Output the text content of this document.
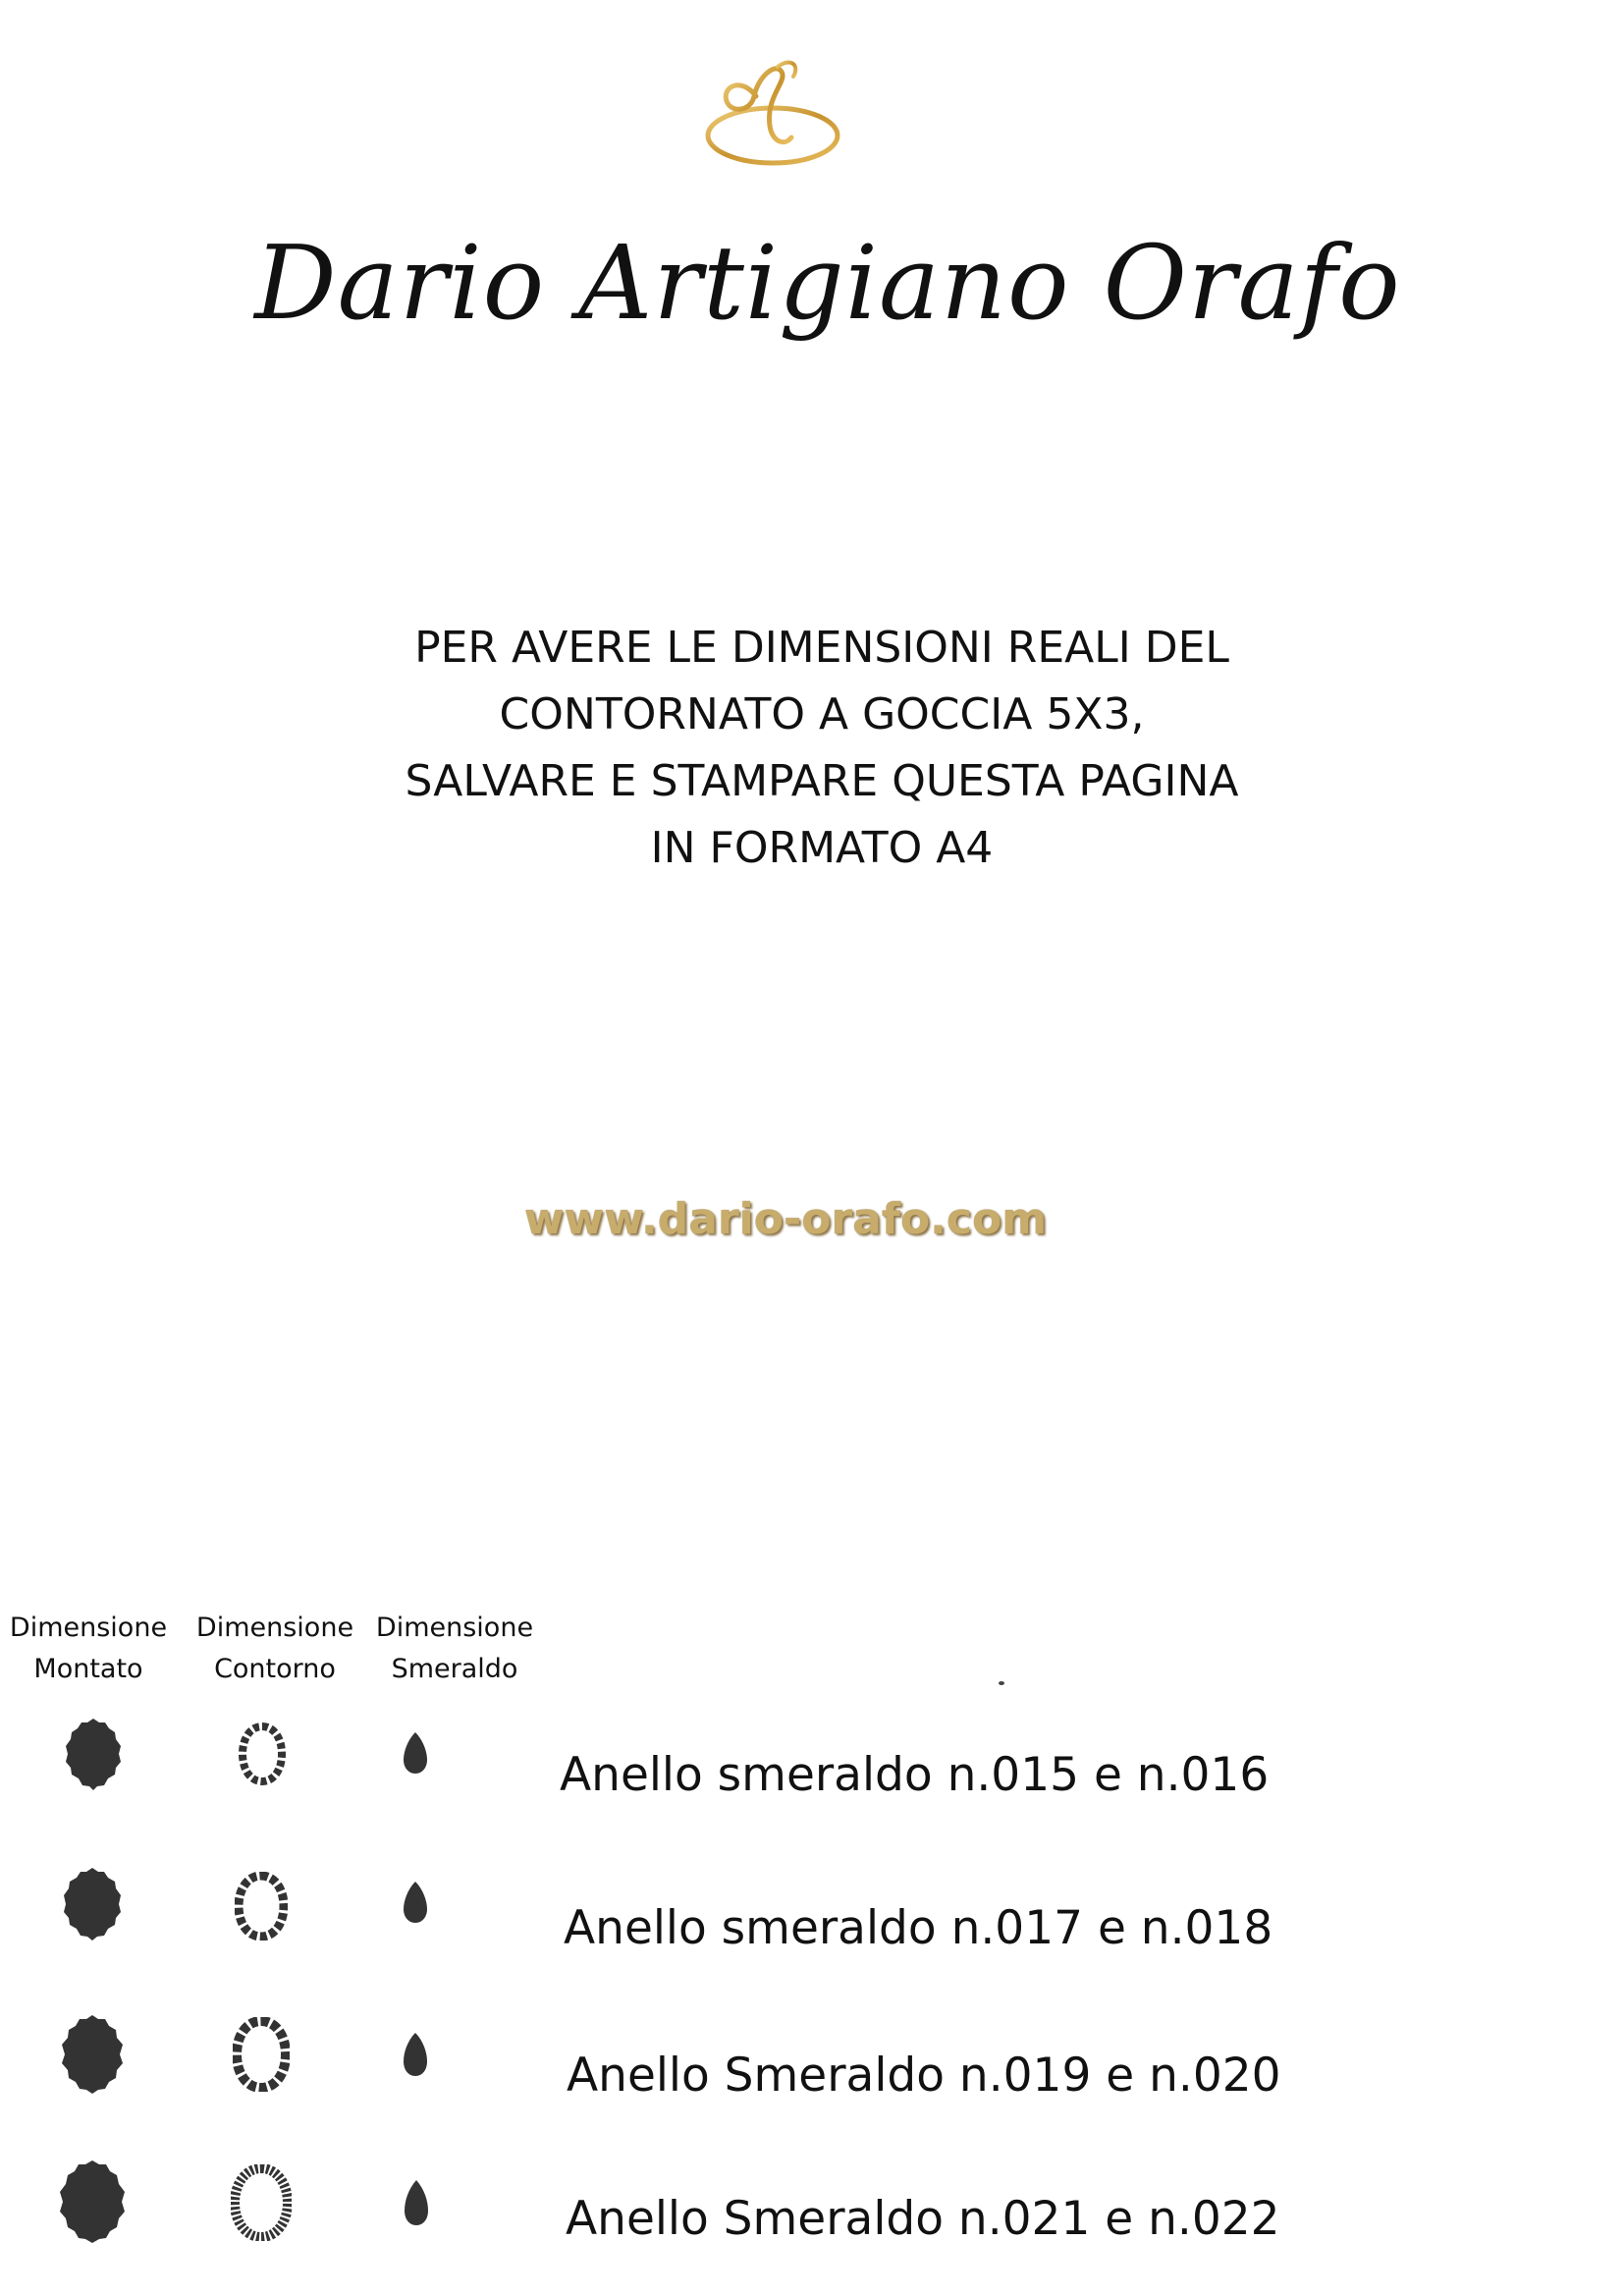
Dario Artigiano Orafo
PER AVERE LE DIMENSIONI REALI DEL
CONTORNATO A GOCCIA 5X3,
SALVARE E STAMPARE QUESTA PAGINA
IN FORMATO A4
www.dario-orafo.com
Dimensione
Montato
Dimensione
Contorno
Dimensione
Smeraldo
Anello smeraldo n.015 e n.016
Anello smeraldo n.017 e n.018
Anello Smeraldo n.019 e n.020
Anello Smeraldo n.021 e n.022
